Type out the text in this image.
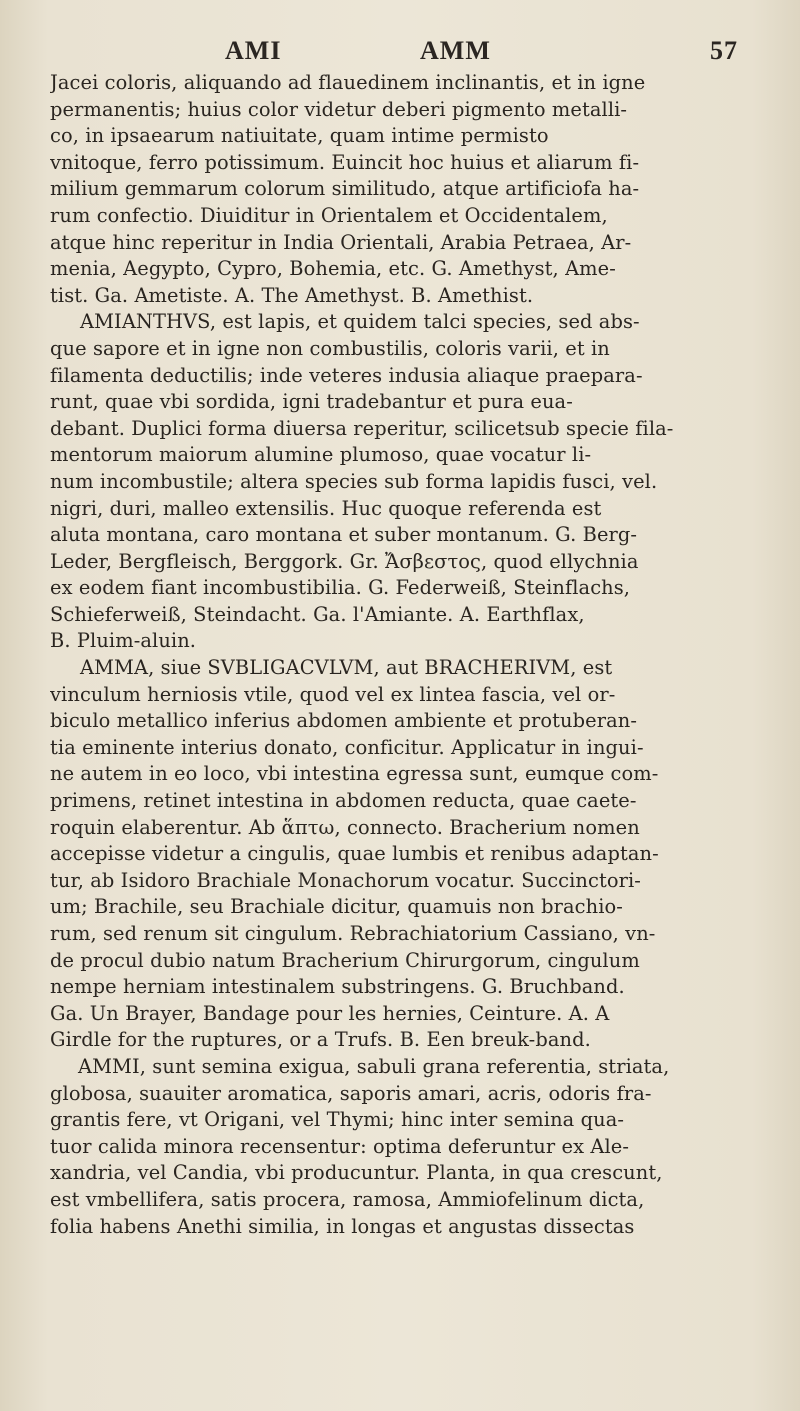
AMI	AMM	57
Jacei coloris, aliquando ad flauedinem inclinantis, et in igne
permanentis; huius color videtur deberi pigmento metalli-
co, in ipsaearum natiuitate, quam intime permisto
vnitoque, ferro potissimum. Euincit hoc huius et aliarum fi-
milium gemmarum colorum similitudo, atque artificiofa ha-
rum confectio. Diuiditur in Orientalem et Occidentalem,
atque hinc reperitur in India Orientali, Arabia Petraea, Ar-
menia, Aegypto, Cypro, Bohemia, etc. G. Amethyst, Ame-
tist. Ga. Ametiste. A. The Amethyst. B. Amethist.
AMIANTHVS, est lapis, et quidem talci species, sed abs-
que sapore et in igne non combustilis, coloris varii, et in
filamenta deductilis; inde veteres indusia aliaque praepara-
runt, quae vbi sordida, igni tradebantur et pura eua-
debant. Duplici forma diuersa reperitur, scilicetsub specie fila-
mentorum maiorum alumine plumoso, quae vocatur li-
num incombustile; altera species sub forma lapidis fusci, vel.
nigri, duri, malleo extensilis. Huc quoque referenda est
aluta montana, caro montana et suber montanum. G. Berg-
Leder, Bergfleisch, Berggork. Gr. Ἄσβεστος, quod ellychnia
ex eodem fiant incombustibilia. G. Federweiß, Steinflachs,
Schieferweiß, Steindacht. Ga. l'Amiante. A. Earthflax,
B. Pluim-aluin.
AMMA, siue SVBLIGACVLVM, aut BRACHERIVM, est
vinculum herniosis vtile, quod vel ex lintea fascia, vel or-
biculo metallico inferius abdomen ambiente et protuberan-
tia eminente interius donato, conficitur. Applicatur in ingui-
ne autem in eo loco, vbi intestina egressa sunt, eumque com-
primens, retinet intestina in abdomen reducta, quae caete-
roquin elaberentur. Ab ἅπτω, connecto. Bracherium nomen
accepisse videtur a cingulis, quae lumbis et renibus adaptan-
tur, ab Isidoro Brachiale Monachorum vocatur. Succinctori-
um; Brachile, seu Brachiale dicitur, quamuis non brachio-
rum, sed renum sit cingulum. Rebrachiatorium Cassiano, vn-
de procul dubio natum Bracherium Chirurgorum, cingulum
nempe herniam intestinalem substringens. G. Bruchband.
Ga. Un Brayer, Bandage pour les hernies, Ceinture. A. A
Girdle for the ruptures, or a Trufs. B. Een breuk-band.
AMMI, sunt semina exigua, sabuli grana referentia, striata,
globosa, suauiter aromatica, saporis amari, acris, odoris fra-
grantis fere, vt Origani, vel Thymi; hinc inter semina qua-
tuor calida minora recensentur: optima deferuntur ex Ale-
xandria, vel Candia, vbi producuntur. Planta, in qua crescunt,
est vmbellifera, satis procera, ramosa, Ammiofelinum dicta,
folia habens Anethi similia, in longas et angustas dissectas
